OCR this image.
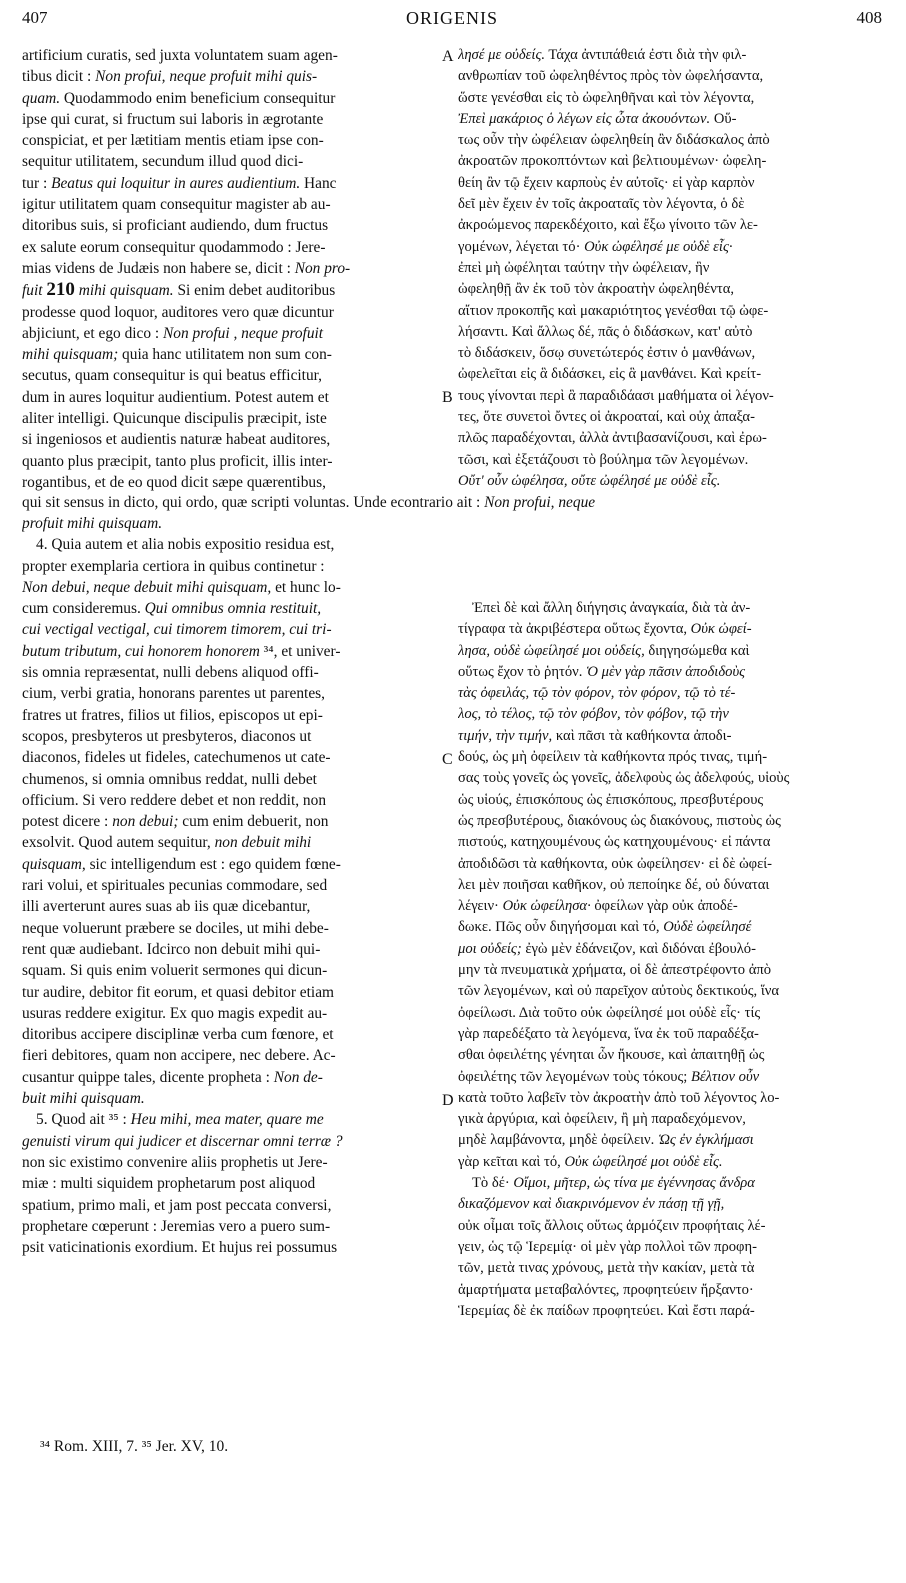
407	ORIGENIS	408
A
B
C
D

artificium curatis, sed juxta voluntatem suam agen-

tibus dicit : Non profui, neque profuit mihi quis-

quam. Quodammodo enim beneficium consequitur

ipse qui curat, si fructum sui laboris in ægrotante

conspiciat, et per lætitiam mentis etiam ipse con-

sequitur utilitatem, secundum illud quod dici-

tur : Beatus qui loquitur in aures audientium. Hanc

igitur utilitatem quam consequitur magister ab au-

ditoribus suis, si proficiant audiendo, dum fructus

ex salute eorum consequitur quodammodo : Jere-

mias videns de Judæis non habere se, dicit : Non pro-

fuit 210 mihi quisquam. Si enim debet auditoribus

prodesse quod loquor, auditores vero quæ dicuntur

abjiciunt, et ego dico : Non profui , neque profuit

mihi quisquam; quia hanc utilitatem non sum con-

secutus, quam consequitur is qui beatus efficitur,

dum in aures loquitur audientium. Potest autem et

aliter intelligi. Quicunque discipulis præcipit, iste

si ingeniosos et audientis naturæ habeat auditores,

quanto plus præcipit, tanto plus proficit, illis inter-

rogantibus, et de eo quod dicit sæpe quærentibus,

λησέ με οὐδείς. Τάχα ἀντιπάθειά ἐστι διὰ τὴν φιλ-

ανθρωπίαν τοῦ ὠφεληθέντος πρὸς τὸν ὠφελήσαντα,

ὥστε γενέσθαι εἰς τὸ ὠφεληθῆναι καὶ τὸν λέγοντα,

Ἐπεὶ μακάριος ὁ λέγων εἰς ὦτα ἀκουόντων. Οὕ-

τως οὖν τὴν ὠφέλειαν ὠφεληθείη ἂν διδάσκαλος ἀπὸ

ἀκροατῶν προκοπτόντων καὶ βελτιουμένων· ὠφελη-

θείη ἂν τῷ ἔχειν καρποὺς ἐν αὐτοῖς· εἰ γὰρ καρπὸν

δεῖ μὲν ἔχειν ἐν τοῖς ἀκροαταῖς τὸν λέγοντα, ὁ δὲ

ἀκροώμενος παρεκδέχοιτο, καὶ ἔξω γίνοιτο τῶν λε-

γομένων, λέγεται τό· Οὐκ ὠφέλησέ με οὐδὲ εἷς·

ἐπεὶ μὴ ὠφέληται ταύτην τὴν ὠφέλειαν, ἣν

ὠφεληθῇ ἂν ἐκ τοῦ τὸν ἀκροατὴν ὠφεληθέντα,

αἴτιον προκοπῆς καὶ μακαριότητος γενέσθαι τῷ ὠφε-

λήσαντι. Καὶ ἄλλως δέ, πᾶς ὁ διδάσκων, κατ' αὐτὸ

τὸ διδάσκειν, ὅσῳ συνετώτερός ἐστιν ὁ μανθάνων,

ὠφελεῖται εἰς ἃ διδάσκει, εἰς ἃ μανθάνει. Καὶ κρείτ-

τους γίνονται περὶ ἃ παραδιδάασι μαθήματα οἱ λέγον-

τες, ὅτε συνετοὶ ὄντες οἱ ἀκροαταί, καὶ οὐχ ἁπαξα-

πλῶς παραδέχονται, ἀλλὰ ἀντιβασανίζουσι, καὶ ἐρω-

τῶσι, καὶ ἐξετάζουσι τὸ βούλημα τῶν λεγομένων.

Οὔτ' οὖν ὠφέλησα, οὔτε ὠφέλησέ με οὐδὲ εἷς.

qui sit sensus in dicto, qui ordo, quæ scripti voluntas. Unde econtrario ait : Non profui, neque

profuit mihi quisquam.

4. Quia autem et alia nobis expositio residua est,

propter exemplaria certiora in quibus continetur :

Non debui, neque debuit mihi quisquam, et hunc lo-

cum consideremus. Qui omnibus omnia restituit,

cui vectigal vectigal, cui timorem timorem, cui tri-

butum tributum, cui honorem honorem ³⁴, et univer-

sis omnia repræsentat, nulli debens aliquod offi-

cium, verbi gratia, honorans parentes ut parentes,

fratres ut fratres, filios ut filios, episcopos ut epi-

scopos, presbyteros ut presbyteros, diaconos ut

diaconos, fideles ut fideles, catechumenos ut cate-

chumenos, si omnia omnibus reddat, nulli debet

officium. Si vero reddere debet et non reddit, non

potest dicere : non debui; cum enim debuerit, non

exsolvit. Quod autem sequitur, non debuit mihi

quisquam, sic intelligendum est : ego quidem fœne-

rari volui, et spirituales pecunias commodare, sed

illi averterunt aures suas ab iis quæ dicebantur,

neque voluerunt præbere se dociles, ut mihi debe-

rent quæ audiebant. Idcirco non debuit mihi qui-

squam. Si quis enim voluerit sermones qui dicun-

tur audire, debitor fit eorum, et quasi debitor etiam

usuras reddere exigitur. Ex quo magis expedit au-

ditoribus accipere disciplinæ verba cum fœnore, et

fieri debitores, quam non accipere, nec debere. Ac-

cusantur quippe tales, dicente propheta : Non de-

buit mihi quisquam.

5. Quod ait ³⁵ : Heu mihi, mea mater, quare me

genuisti virum qui judicer et discernar omni terræ ?

non sic existimo convenire aliis prophetis ut Jere-

miæ : multi siquidem prophetarum post aliquod

spatium, primo mali, et jam post peccata conversi,

prophetare cœperunt : Jeremias vero a puero sum-

psit vaticinationis exordium. Et hujus rei possumus

Ἐπεὶ δὲ καὶ ἄλλη διήγησις ἀναγκαία, διὰ τὰ ἀν-

τίγραφα τὰ ἀκριβέστερα οὕτως ἔχοντα, Οὐκ ὠφεί-

λησα, οὐδὲ ὠφείλησέ μοι οὐδείς, διηγησώμεθα καὶ

οὕτως ἔχον τὸ ῥητόν. Ὁ μὲν γὰρ πᾶσιν ἀποδιδοὺς

τὰς ὀφειλάς, τῷ τὸν φόρον, τὸν φόρον, τῷ τὸ τέ-

λος, τὸ τέλος, τῷ τὸν φόβον, τὸν φόβον, τῷ τὴν

τιμήν, τὴν τιμήν, καὶ πᾶσι τὰ καθήκοντα ἀποδι-

δούς, ὡς μὴ ὀφείλειν τὰ καθήκοντα πρός τινας, τιμή-

σας τοὺς γονεῖς ὡς γονεῖς, ἀδελφοὺς ὡς ἀδελφούς, υἱοὺς

ὡς υἱούς, ἐπισκόπους ὡς ἐπισκόπους, πρεσβυτέρους

ὡς πρεσβυτέρους, διακόνους ὡς διακόνους, πιστοὺς ὡς

πιστούς, κατηχουμένους ὡς κατηχουμένους· εἰ πάντα

ἀποδιδῶσι τὰ καθήκοντα, οὐκ ὠφείλησεν· εἰ δὲ ὠφεί-

λει μὲν ποιῆσαι καθῆκον, οὐ πεποίηκε δέ, οὐ δύναται

λέγειν· Οὐκ ὠφείλησα· ὀφείλων γὰρ οὐκ ἀποδέ-

δωκε. Πῶς οὖν διηγήσομαι καὶ τό, Οὐδὲ ὠφείλησέ

μοι οὐδείς; ἐγὼ μὲν ἐδάνειζον, καὶ διδόναι ἐβουλό-

μην τὰ πνευματικὰ χρήματα, οἱ δὲ ἀπεστρέφοντο ἀπὸ

τῶν λεγομένων, καὶ οὐ παρεῖχον αὐτοὺς δεκτικούς, ἵνα

ὀφείλωσι. Διὰ τοῦτο οὐκ ὠφείλησέ μοι οὐδὲ εἷς· τίς

γὰρ παρεδέξατο τὰ λεγόμενα, ἵνα ἐκ τοῦ παραδέξα-

σθαι ὀφειλέτης γένηται ὧν ἤκουσε, καὶ ἀπαιτηθῇ ὡς

ὀφειλέτης τῶν λεγομένων τοὺς τόκους; Βέλτιον οὖν

κατὰ τοῦτο λαβεῖν τὸν ἀκροατὴν ἀπὸ τοῦ λέγοντος λο-

γικὰ ἀργύρια, καὶ ὀφείλειν, ἢ μὴ παραδεχόμενον,

μηδὲ λαμβάνοντα, μηδὲ ὀφείλειν. Ὡς ἐν ἐγκλήμασι

γὰρ κεῖται καὶ τό, Οὐκ ὠφείλησέ μοι οὐδὲ εἷς.

Τὸ δέ· Οἴμοι, μῆτερ, ὡς τίνα με ἐγέννησας ἄνδρα

δικαζόμενον καὶ διακρινόμενον ἐν πάσῃ τῇ γῇ,

οὐκ οἶμαι τοῖς ἄλλοις οὕτως ἁρμόζειν προφήταις λέ-

γειν, ὡς τῷ Ἱερεμίᾳ· οἱ μὲν γὰρ πολλοὶ τῶν προφη-

τῶν, μετὰ τινας χρόνους, μετὰ τὴν κακίαν, μετὰ τὰ

ἁμαρτήματα μεταβαλόντες, προφητεύειν ἤρξαντο·

Ἱερεμίας δὲ ἐκ παίδων προφητεύει. Καὶ ἔστι παρά-

³⁴ Rom. XIII, 7. ³⁵ Jer. XV, 10.
